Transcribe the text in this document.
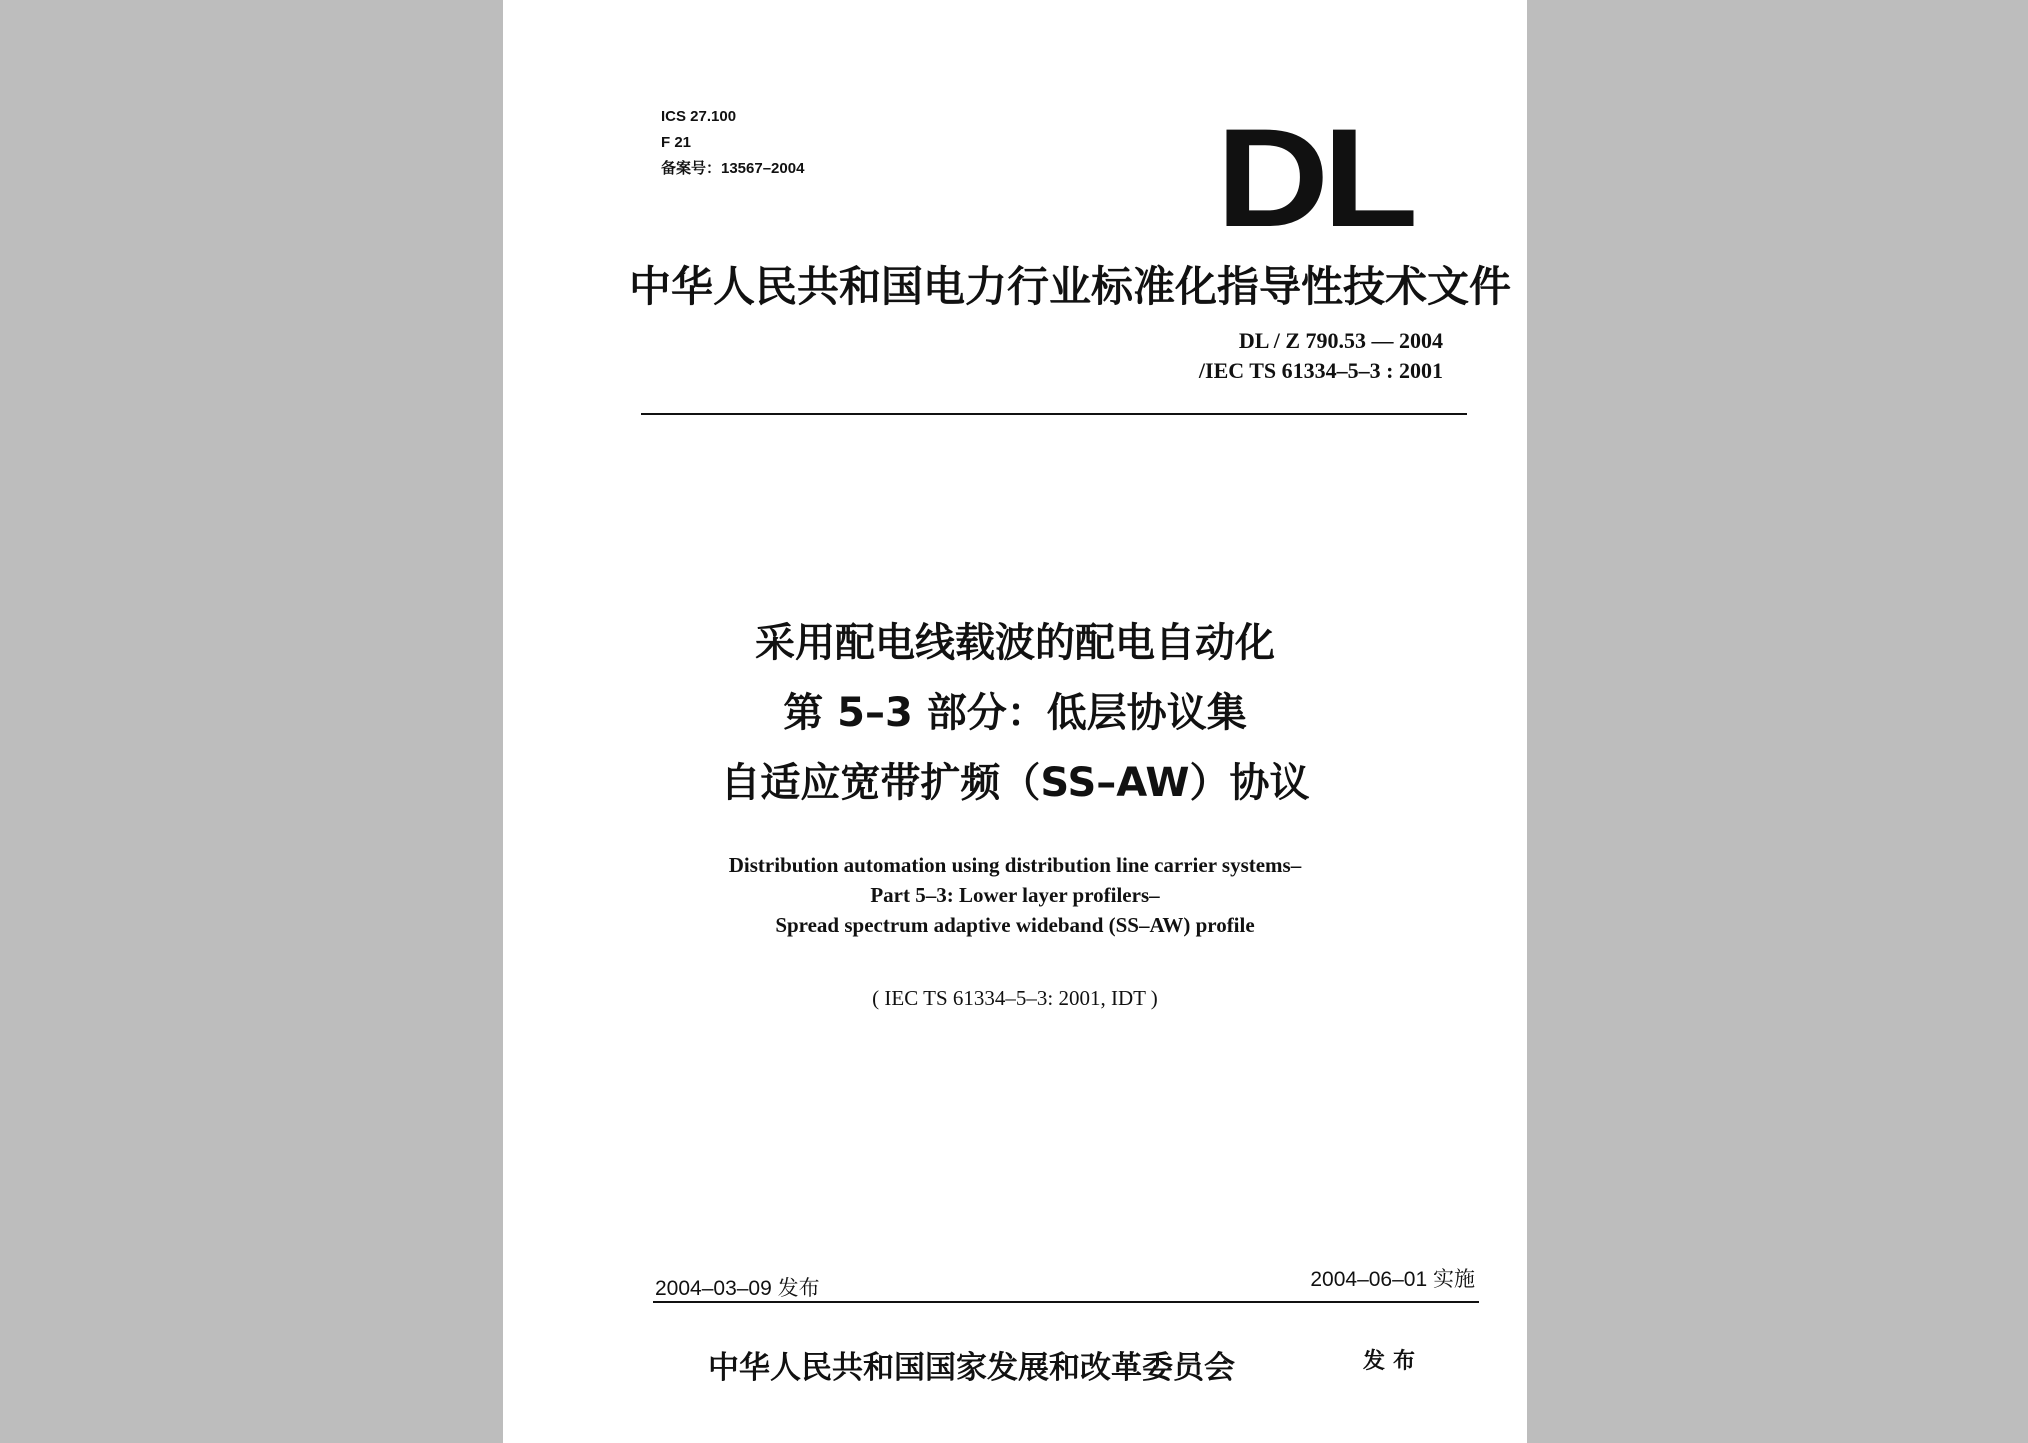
ICS 27.100
F 21
备案号：13567–2004	DL
中华人民共和国电力行业标准化指导性技术文件
DL / Z 790.53 — 2004
/IEC TS 61334–5–3 : 2001
采用配电线载波的配电自动化
第 5–3 部分：低层协议集
自适应宽带扩频（SS–AW）协议
Distribution automation using distribution line carrier systems–
Part 5–3: Lower layer profilers–
Spread spectrum adaptive wideband (SS–AW) profile
( IEC TS 61334–5–3: 2001, IDT )
2004–03–09 发布	2004–06–01 实施
中华人民共和国国家发展和改革委员会	发布
